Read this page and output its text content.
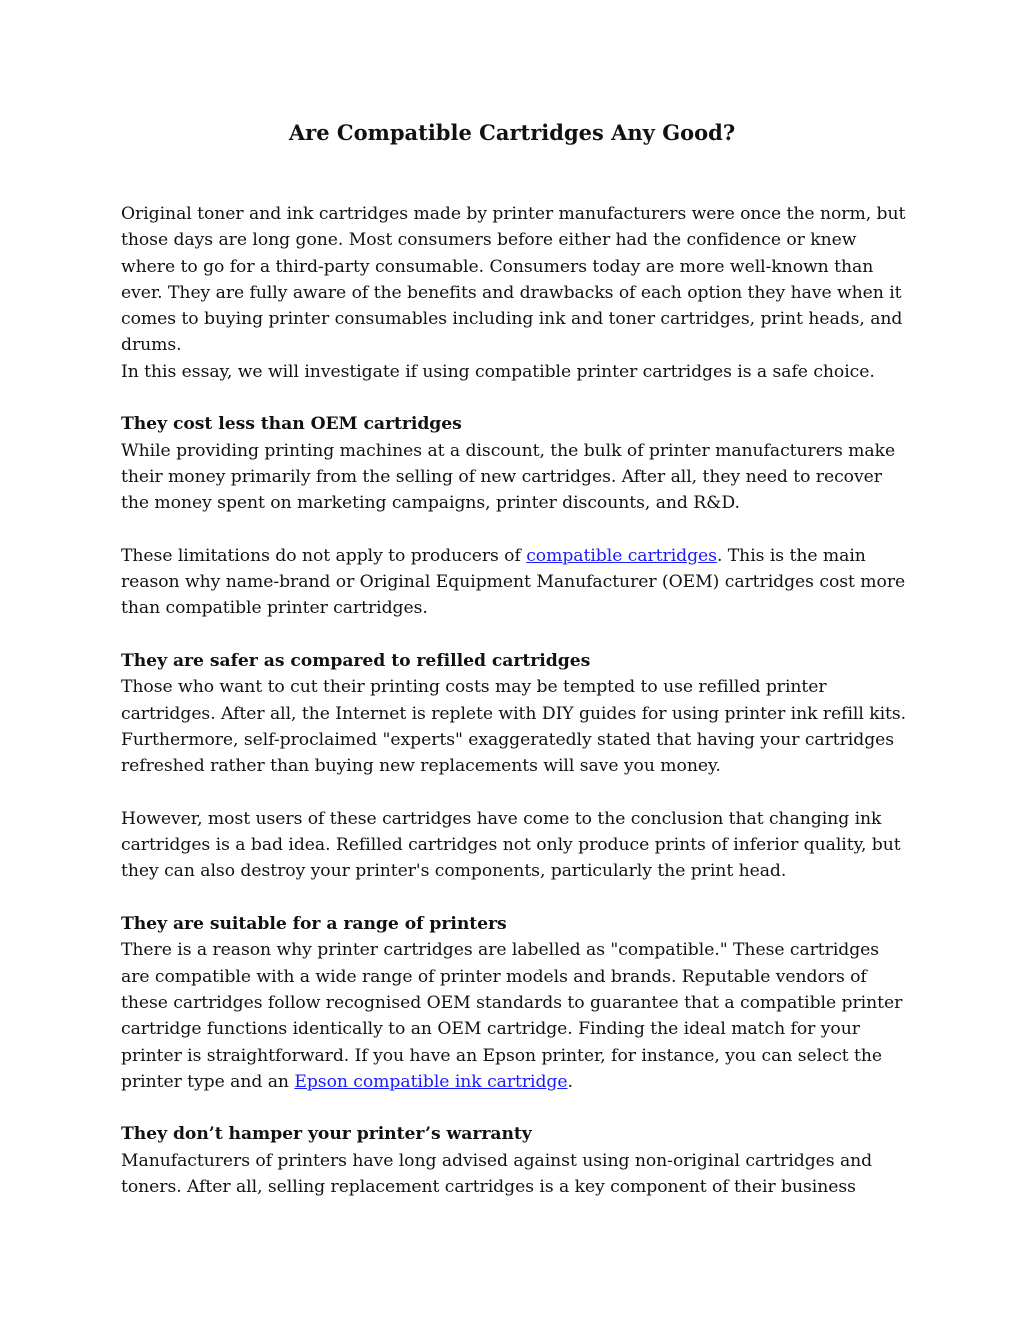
Are Compatible Cartridges Any Good?

Original toner and ink cartridges made by printer manufacturers were once the norm, but those days are long gone. Most consumers before either had the confidence or knew where to go for a third-party consumable. Consumers today are more well-known than ever. They are fully aware of the benefits and drawbacks of each option they have when it comes to buying printer consumables including ink and toner cartridges, print heads, and drums.

In this essay, we will investigate if using compatible printer cartridges is a safe choice.

They cost less than OEM cartridges

While providing printing machines at a discount, the bulk of printer manufacturers make their money primarily from the selling of new cartridges. After all, they need to recover the money spent on marketing campaigns, printer discounts, and R&D.

These limitations do not apply to producers of compatible cartridges. This is the main reason why name-brand or Original Equipment Manufacturer (OEM) cartridges cost more than compatible printer cartridges.

They are safer as compared to refilled cartridges

Those who want to cut their printing costs may be tempted to use refilled printer cartridges. After all, the Internet is replete with DIY guides for using printer ink refill kits. Furthermore, self-proclaimed "experts" exaggeratedly stated that having your cartridges refreshed rather than buying new replacements will save you money.

However, most users of these cartridges have come to the conclusion that changing ink cartridges is a bad idea. Refilled cartridges not only produce prints of inferior quality, but they can also destroy your printer's components, particularly the print head.

They are suitable for a range of printers

There is a reason why printer cartridges are labelled as "compatible." These cartridges are compatible with a wide range of printer models and brands. Reputable vendors of these cartridges follow recognised OEM standards to guarantee that a compatible printer cartridge functions identically to an OEM cartridge. Finding the ideal match for your printer is straightforward. If you have an Epson printer, for instance, you can select the printer type and an Epson compatible ink cartridge.

They don’t hamper your printer’s warranty

Manufacturers of printers have long advised against using non-original cartridges and toners. After all, selling replacement cartridges is a key component of their business
